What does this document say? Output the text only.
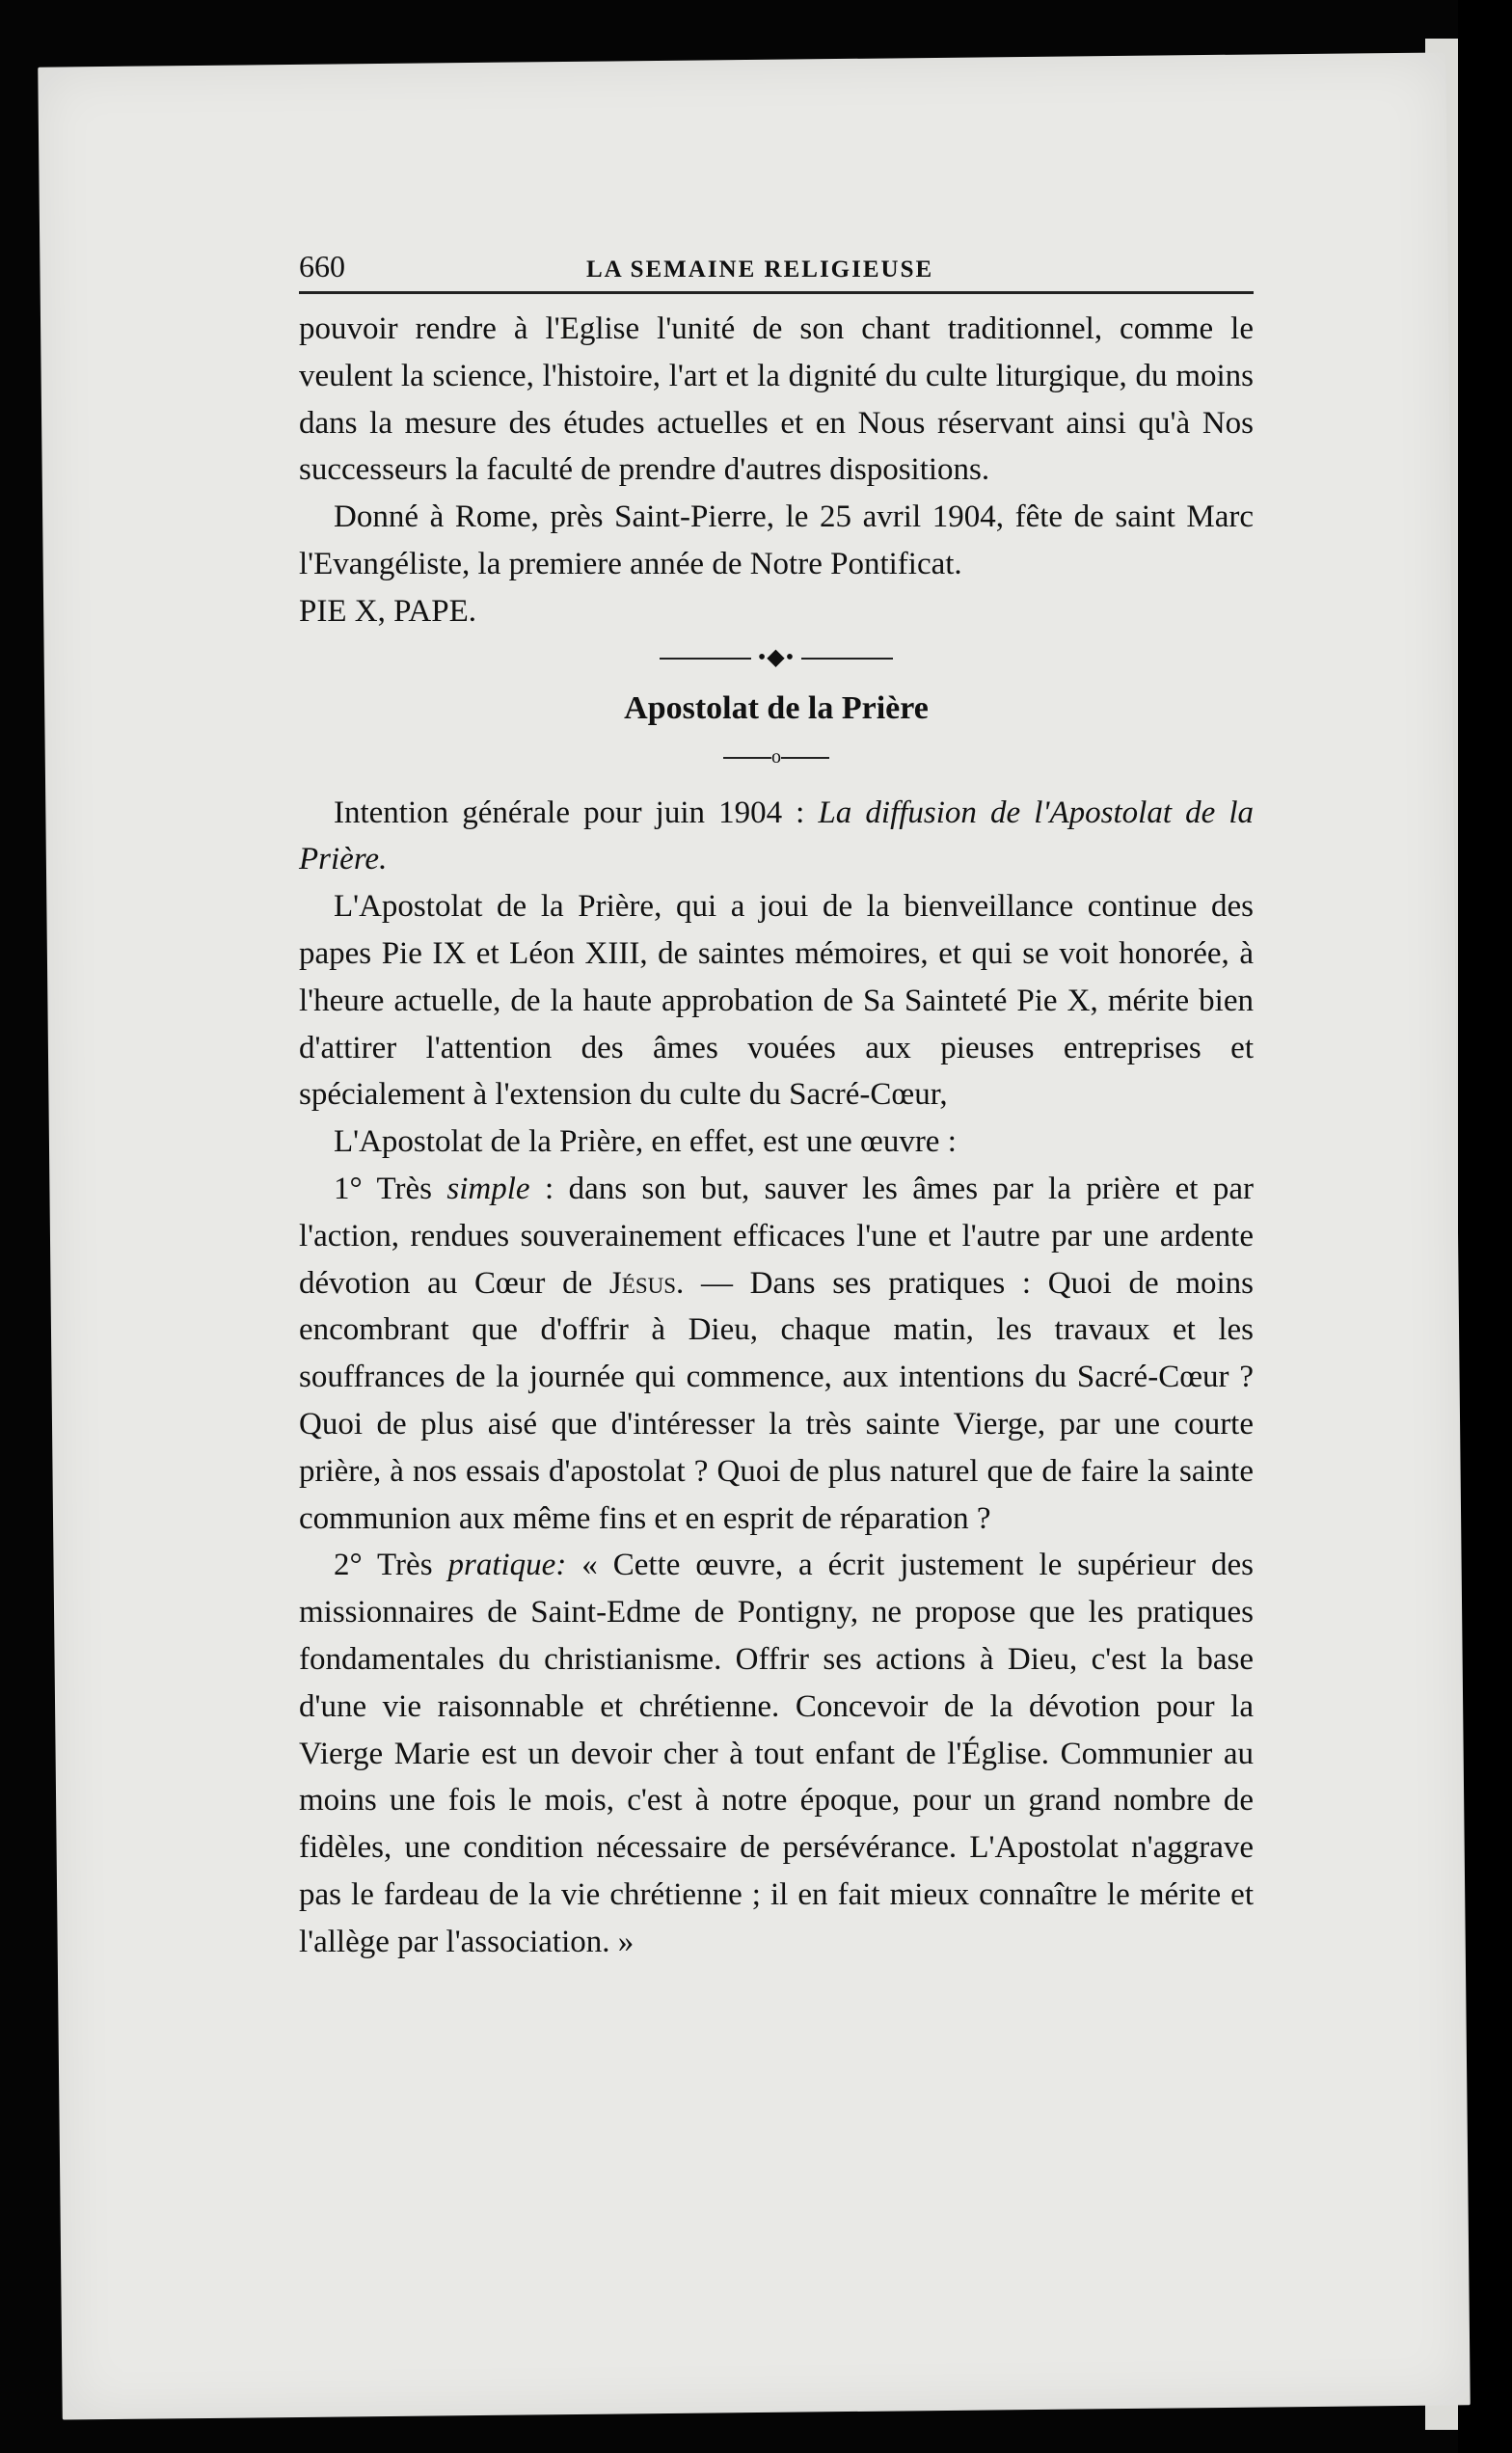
660	LA SEMAINE RELIGIEUSE

pouvoir rendre à l'Eglise l'unité de son chant traditionnel, comme le veulent la science, l'histoire, l'art et la dignité du culte liturgique, du moins dans la mesure des études actuelles et en Nous réservant ainsi qu'à Nos successeurs la faculté de prendre d'autres dispositions.

Donné à Rome, près Saint-Pierre, le 25 avril 1904, fête de saint Marc l'Evangéliste, la premiere année de Notre Pontificat.

PIE X, PAPE.

•◆•
Apostolat de la Prière
o

Intention générale pour juin 1904 : La diffusion de l'Apostolat de la Prière.

L'Apostolat de la Prière, qui a joui de la bienveillance continue des papes Pie IX et Léon XIII, de saintes mémoires, et qui se voit honorée, à l'heure actuelle, de la haute approbation de Sa Sainteté Pie X, mérite bien d'attirer l'attention des âmes vouées aux pieuses entreprises et spécialement à l'extension du culte du Sacré-Cœur,

L'Apostolat de la Prière, en effet, est une œuvre :

1° Très simple : dans son but, sauver les âmes par la prière et par l'action, rendues souverainement efficaces l'une et l'autre par une ardente dévotion au Cœur de Jésus. — Dans ses pratiques : Quoi de moins encombrant que d'offrir à Dieu, chaque matin, les travaux et les souffrances de la journée qui commence, aux intentions du Sacré-Cœur ? Quoi de plus aisé que d'intéresser la très sainte Vierge, par une courte prière, à nos essais d'apostolat ? Quoi de plus naturel que de faire la sainte communion aux même fins et en esprit de réparation ?

2° Très pratique: « Cette œuvre, a écrit justement le supérieur des missionnaires de Saint-Edme de Pontigny, ne propose que les pratiques fondamentales du christianisme. Offrir ses actions à Dieu, c'est la base d'une vie raisonnable et chrétienne. Concevoir de la dévotion pour la Vierge Marie est un devoir cher à tout enfant de l'Église. Communier au moins une fois le mois, c'est à notre époque, pour un grand nombre de fidèles, une condition nécessaire de persévérance. L'Apostolat n'aggrave pas le fardeau de la vie chrétienne ; il en fait mieux connaître le mérite et l'allège par l'association. »
